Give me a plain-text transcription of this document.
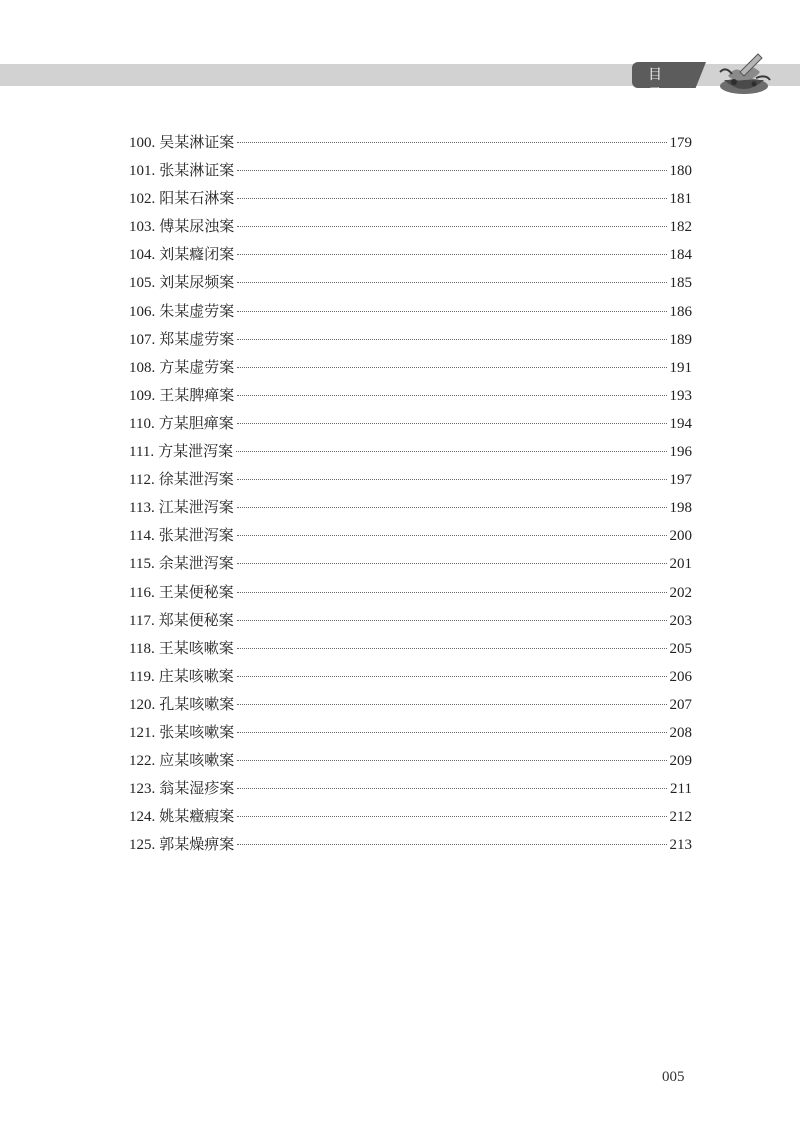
目 录
100. 吴某淋证案	179
101. 张某淋证案	180
102. 阳某石淋案	181
103. 傅某尿浊案	182
104. 刘某癃闭案	184
105. 刘某尿频案	185
106. 朱某虚劳案	186
107. 郑某虚劳案	189
108. 方某虚劳案	191
109. 王某脾瘅案	193
110. 方某胆瘅案	194
111. 方某泄泻案	196
112. 徐某泄泻案	197
113. 江某泄泻案	198
114. 张某泄泻案	200
115. 余某泄泻案	201
116. 王某便秘案	202
117. 郑某便秘案	203
118. 王某咳嗽案	205
119. 庄某咳嗽案	206
120. 孔某咳嗽案	207
121. 张某咳嗽案	208
122. 应某咳嗽案	209
123. 翁某湿疹案	211
124. 姚某癥瘕案	212
125. 郭某燥痹案	213
005
